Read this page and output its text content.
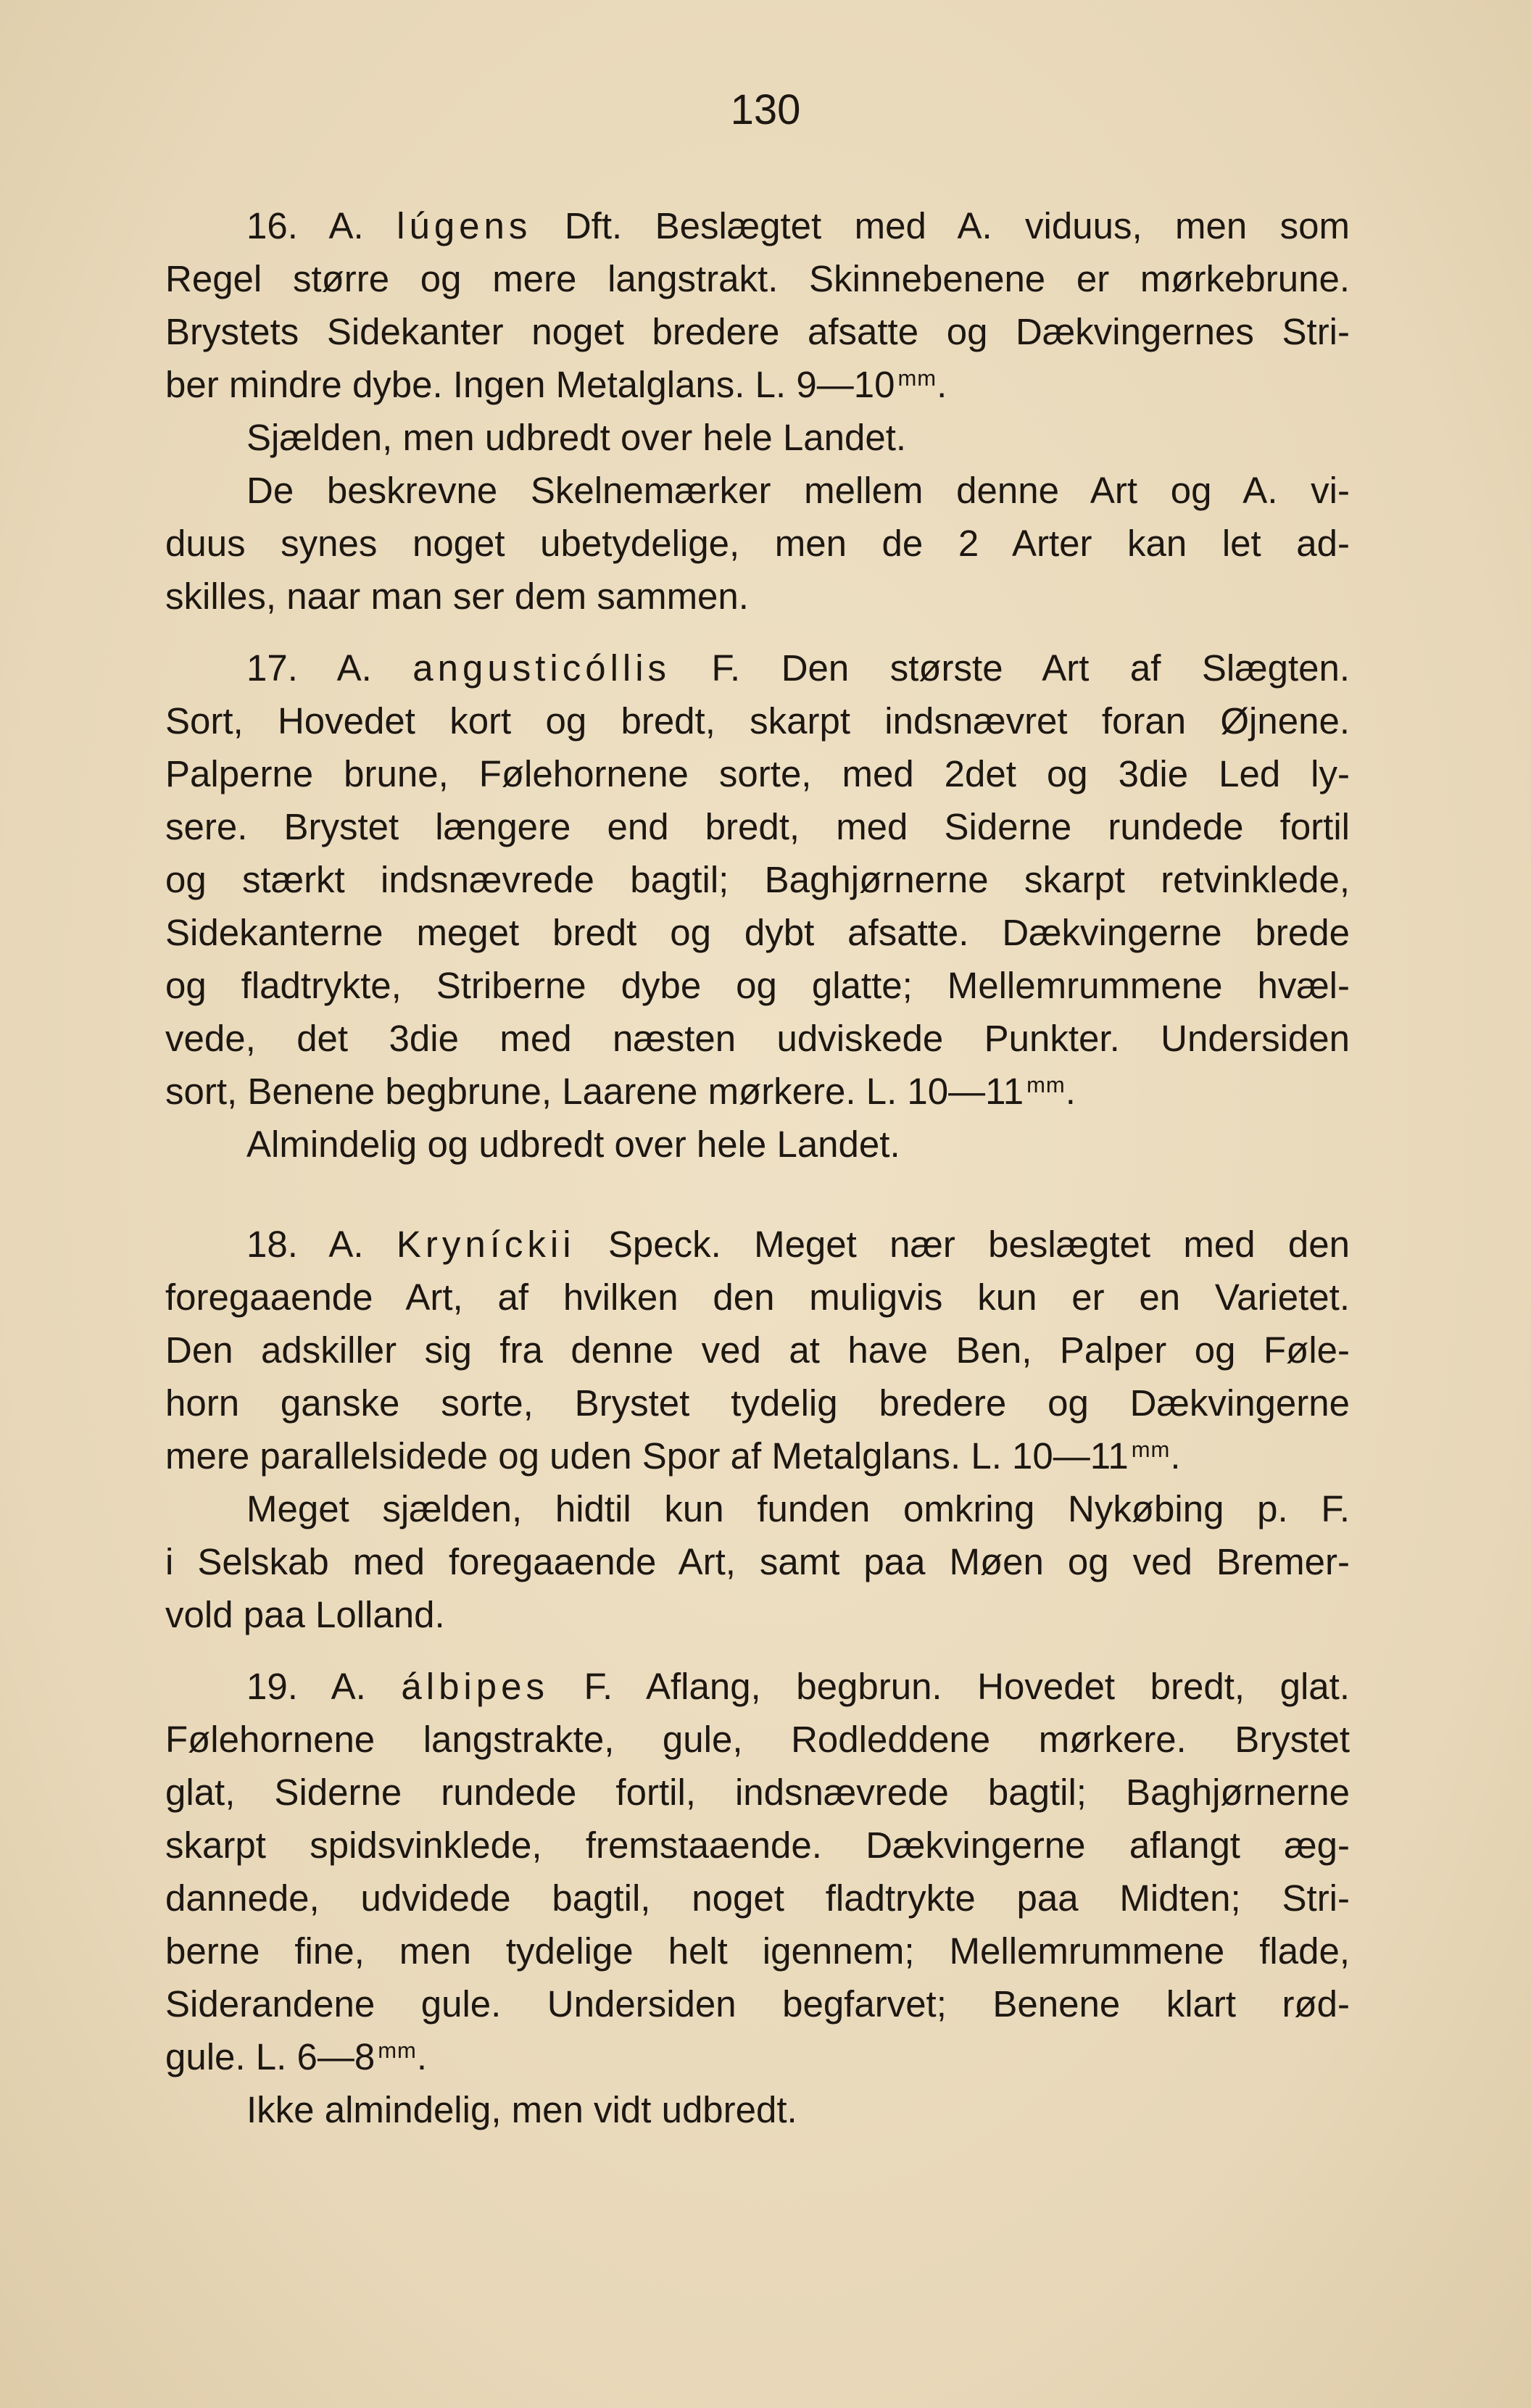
130
16. A. lúgens Dft. Beslægtet med A. viduus, men som
Regel større og mere langstrakt. Skinnebenene er mørkebrune.
Brystets Sidekanter noget bredere afsatte og Dækvingernes Stri-
ber mindre dybe. Ingen Metalglans. L. 9—10 $^{mm}$.
Sjælden, men udbredt over hele Landet.
De beskrevne Skelnemærker mellem denne Art og A. vi-
duus synes noget ubetydelige, men de 2 Arter kan let ad-
skilles, naar man ser dem sammen.
17. A. angusticóllis F. Den største Art af Slægten.
Sort, Hovedet kort og bredt, skarpt indsnævret foran Øjnene.
Palperne brune, Følehornene sorte, med 2det og 3die Led ly-
sere. Brystet længere end bredt, med Siderne rundede fortil
og stærkt indsnævrede bagtil; Baghjørnerne skarpt retvinklede,
Sidekanterne meget bredt og dybt afsatte. Dækvingerne brede
og fladtrykte, Striberne dybe og glatte; Mellemrummene hvæl-
vede, det 3die med næsten udviskede Punkter. Undersiden
sort, Benene begbrune, Laarene mørkere. L. 10—11 $^{mm}$.
Almindelig og udbredt over hele Landet.
18. A. Kryníckii Speck. Meget nær beslægtet med den
foregaaende Art, af hvilken den muligvis kun er en Varietet.
Den adskiller sig fra denne ved at have Ben, Palper og Føle-
horn ganske sorte, Brystet tydelig bredere og Dækvingerne
mere parallelsidede og uden Spor af Metalglans. L. 10—11 $^{mm}$.
Meget sjælden, hidtil kun funden omkring Nykøbing p. F.
i Selskab med foregaaende Art, samt paa Møen og ved Bremer-
vold paa Lolland.
19. A. álbipes F. Aflang, begbrun. Hovedet bredt, glat.
Følehornene langstrakte, gule, Rodleddene mørkere. Brystet
glat, Siderne rundede fortil, indsnævrede bagtil; Baghjørnerne
skarpt spidsvinklede, fremstaaende. Dækvingerne aflangt æg-
dannede, udvidede bagtil, noget fladtrykte paa Midten; Stri-
berne fine, men tydelige helt igennem; Mellemrummene flade,
Siderandene gule. Undersiden begfarvet; Benene klart rød-
gule. L. 6—8 $^{mm}$.
Ikke almindelig, men vidt udbredt.
